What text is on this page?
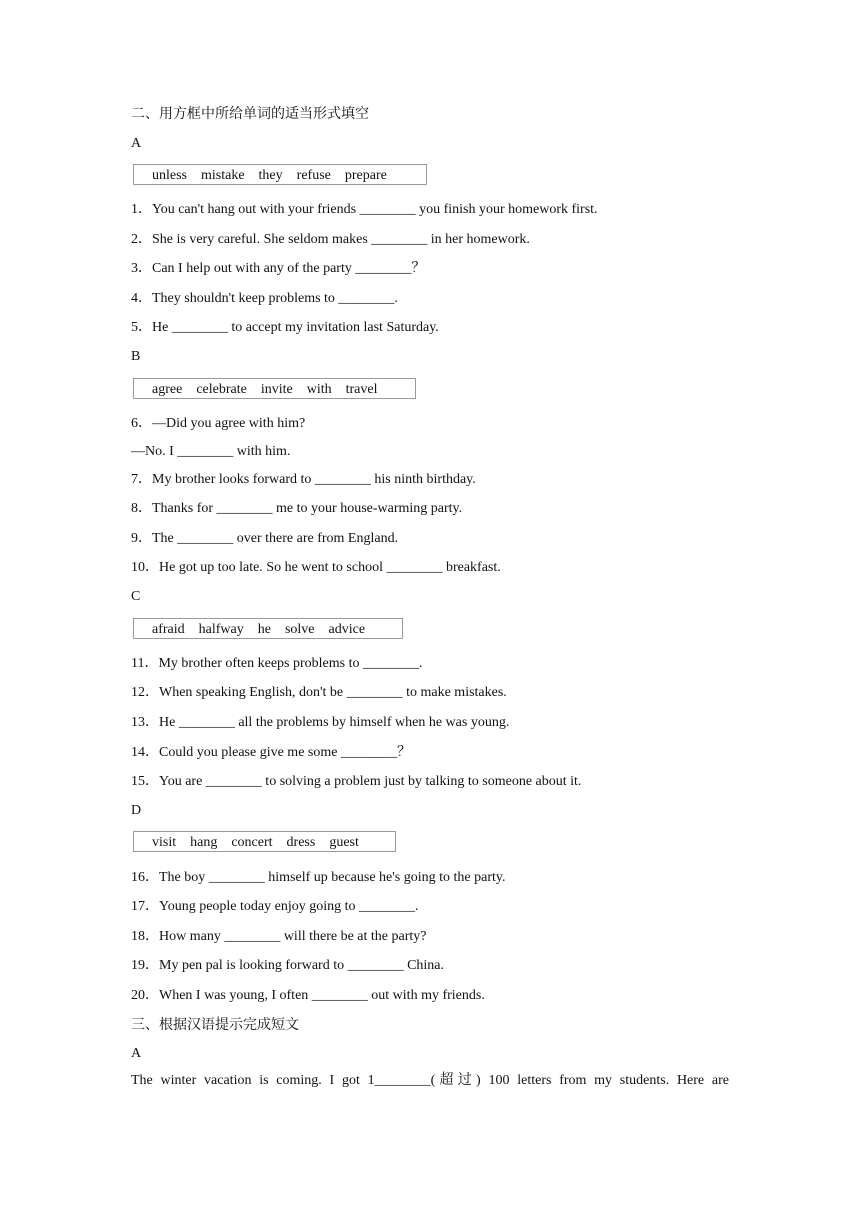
二、用方框中所给单词的适当形式填空
A
unless mistake they refuse prepare
1．You can't hang out with your friends ________ you finish your homework first.
2．She is very careful. She seldom makes ________ in her homework.
3．Can I help out with any of the party ________？
4．They shouldn't keep problems to ________.
5．He ________ to accept my invitation last Saturday.
B
agree celebrate invite with travel
6．—Did you agree with him?
—No. I ________ with him.
7．My brother looks forward to ________ his ninth birthday.
8．Thanks for ________ me to your house-warming party.
9．The ________ over there are from England.
10．He got up too late. So he went to school ________ breakfast.
C
afraid halfway he solve advice
11．My brother often keeps problems to ________.
12．When speaking English, don't be ________ to make mistakes.
13．He ________ all the problems by himself when he was young.
14．Could you please give me some ________？
15．You are ________ to solving a problem just by talking to someone about it.
D
visit hang concert dress guest
16．The boy ________ himself up because he's going to the party.
17．Young people today enjoy going to ________.
18．How many ________ will there be at the party?
19．My pen pal is looking forward to ________ China.
20．When I was young, I often ________ out with my friends.
三、根据汉语提示完成短文
A
The winter vacation is coming. I got 1________(超过) 100 letters from my students. Here are
